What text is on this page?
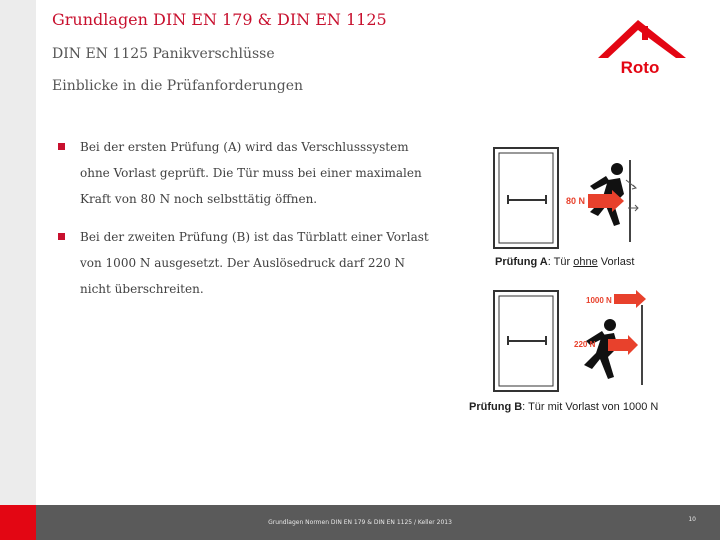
Grundlagen DIN EN 179 & DIN EN 1125
DIN EN 1125 Panikverschlüsse
Einblicke in die Prüfanforderungen
Roto
Bei der ersten Prüfung (A) wird das Verschlusssystem ohne Vorlast geprüft. Die Tür muss bei einer maximalen Kraft von 80 N noch selbsttätig öffnen.
Bei der zweiten Prüfung (B) ist das Türblatt einer Vorlast von 1000 N ausgesetzt. Der Auslösedruck darf 220 N nicht überschreiten.
80 N
Prüfung A: Tür ohne Vorlast
1000 N
220 N
Prüfung B: Tür mit Vorlast von 1000 N
Grundlagen Normen DIN EN 179 & DIN EN 1125 / Keller 2013	10
